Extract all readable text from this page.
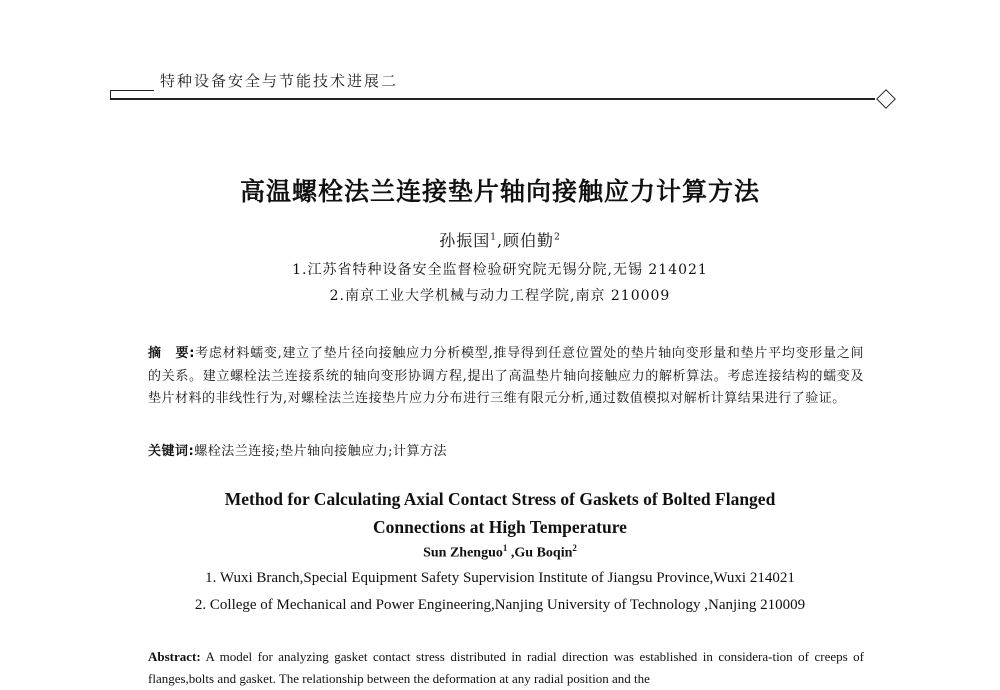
特种设备安全与节能技术进展二
高温螺栓法兰连接垫片轴向接触应力计算方法
孙振国$^1$,顾伯勤$^2$
1.江苏省特种设备安全监督检验研究院无锡分院,无锡 214021
2.南京工业大学机械与动力工程学院,南京 210009
摘　要:考虑材料蠕变,建立了垫片径向接触应力分析模型,推导得到任意位置处的垫片轴向变形量和垫片平均变形量之间的关系。建立螺栓法兰连接系统的轴向变形协调方程,提出了高温垫片轴向接触应力的解析算法。考虑连接结构的蠕变及垫片材料的非线性行为,对螺栓法兰连接垫片应力分布进行三维有限元分析,通过数值模拟对解析计算结果进行了验证。
关键词:螺栓法兰连接;垫片轴向接触应力;计算方法
Method for Calculating Axial Contact Stress of Gaskets of Bolted Flanged
Connections at High Temperature
Sun Zhenguo$^1$ ,Gu Boqin$^2$
1. Wuxi Branch,Special Equipment Safety Supervision Institute of Jiangsu Province,Wuxi 214021
2. College of Mechanical and Power Engineering,Nanjing University of Technology ,Nanjing 210009
Abstract: A model for analyzing gasket contact stress distributed in radial direction was established in considera-tion of creeps of flanges,bolts and gasket. The relationship between the deformation at any radial position and the
